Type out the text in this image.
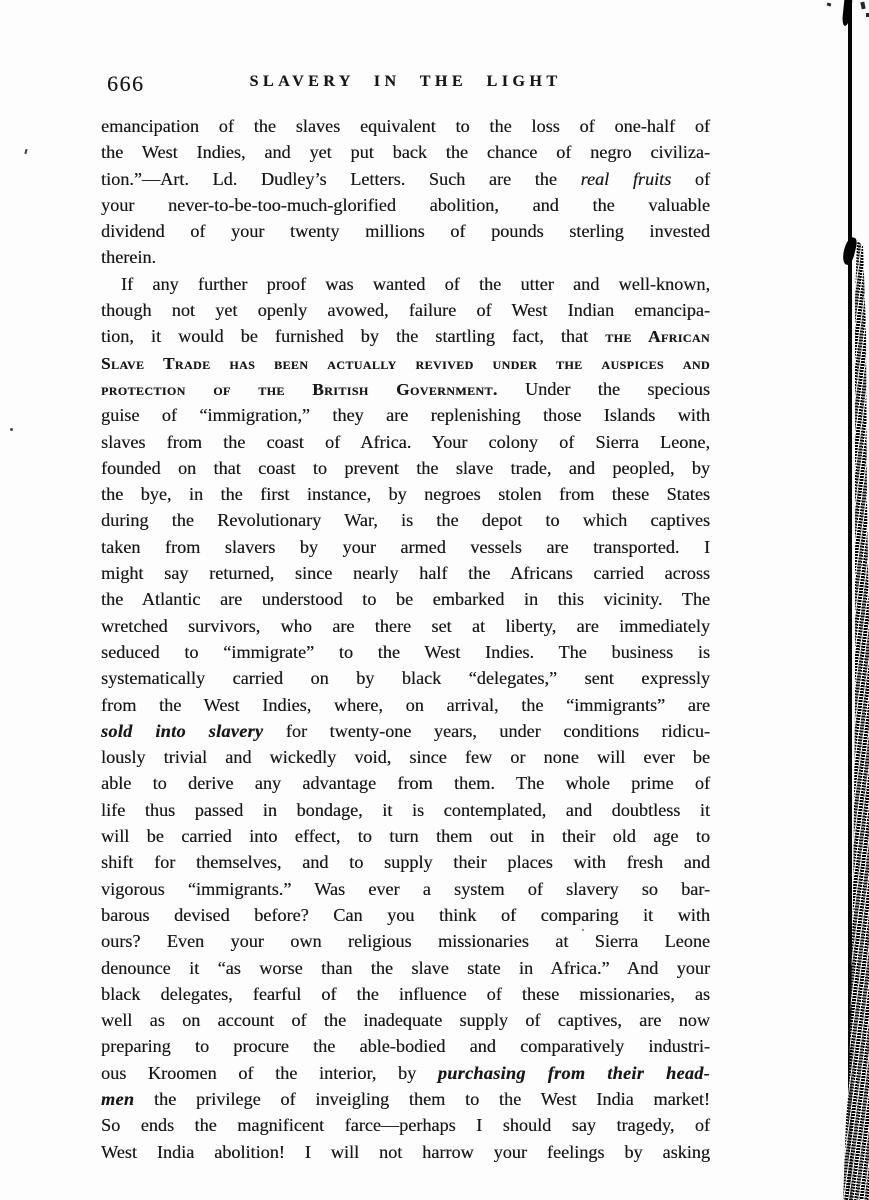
666	SLAVERY IN THE LIGHT
emancipation of the slaves equivalent to the loss of one-half of
the West Indies, and yet put back the chance of negro civiliza-
tion.”—Art. Ld. Dudley’s Letters. Such are the real fruits of
your never-to-be-too-much-glorified abolition, and the valuable
dividend of your twenty millions of pounds sterling invested
therein.
If any further proof was wanted of the utter and well-known,
though not yet openly avowed, failure of West Indian emancipa-
tion, it would be furnished by the startling fact, that the African
Slave Trade has been actually revived under the auspices and
protection of the British Government. Under the specious
guise of “immigration,” they are replenishing those Islands with
slaves from the coast of Africa. Your colony of Sierra Leone,
founded on that coast to prevent the slave trade, and peopled, by
the bye, in the first instance, by negroes stolen from these States
during the Revolutionary War, is the depot to which captives
taken from slavers by your armed vessels are transported. I
might say returned, since nearly half the Africans carried across
the Atlantic are understood to be embarked in this vicinity. The
wretched survivors, who are there set at liberty, are immediately
seduced to “immigrate” to the West Indies. The business is
systematically carried on by black “delegates,” sent expressly
from the West Indies, where, on arrival, the “immigrants” are
sold into slavery for twenty-one years, under conditions ridicu-
lously trivial and wickedly void, since few or none will ever be
able to derive any advantage from them. The whole prime of
life thus passed in bondage, it is contemplated, and doubtless it
will be carried into effect, to turn them out in their old age to
shift for themselves, and to supply their places with fresh and
vigorous “immigrants.” Was ever a system of slavery so bar-
barous devised before? Can you think of comparing it with
ours? Even your own religious missionaries at Sierra Leone
denounce it “as worse than the slave state in Africa.” And your
black delegates, fearful of the influence of these missionaries, as
well as on account of the inadequate supply of captives, are now
preparing to procure the able-bodied and comparatively industri-
ous Kroomen of the interior, by purchasing from their head-
men the privilege of inveigling them to the West India market!
So ends the magnificent farce—perhaps I should say tragedy, of
West India abolition! I will not harrow your feelings by asking
